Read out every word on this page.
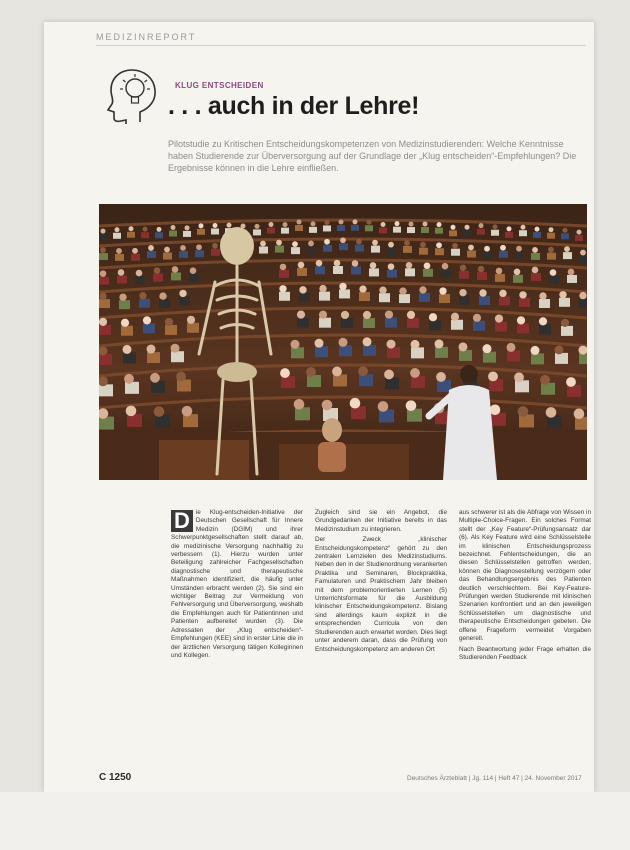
MEDIZINREPORT
KLUG ENTSCHEIDEN
. . . auch in der Lehre!
Pilotstudie zu Kritischen Entscheidungskompetenzen von Medizinstudierenden: Welche Kenntnisse haben Studierende zur Überversorgung auf der Grundlage der „Klug entscheiden“-Empfehlungen? Die Ergebnisse können in die Lehre einfließen.

D ie Klug-entscheiden-Initiative der Deutschen Gesellschaft für Innere Medizin (DGIM) und ihrer Schwerpunktgesellschaften stellt darauf ab, die medizinische Versorgung nachhaltig zu verbessern (1). Hierzu wurden unter Beteiligung zahlreicher Fachgesellschaften diagnostische und therapeutische Maßnahmen identifiziert, die häufig unter Umständen erbracht werden (2). Sie sind ein wichtiger Beitrag zur Vermeidung von Fehlversorgung und Überversorgung, weshalb die Empfehlungen auch für Patientinnen und Patienten aufbereitet wurden (3). Die Adressaten der „Klug entscheiden“-Empfehlungen (KEE) sind in erster Linie die in der ärztlichen Versorgung tätigen Kolleginnen und Kollegen.

Zugleich sind sie ein Angebot, die Grundgedanken der Initiative bereits in das Medizinstudium zu integrieren.

Der Zweck „klinischer Entscheidungskompetenz“ gehört zu den zentralen Lernzielen des Medizinstudiums. Neben den in der Studienordnung verankerten Praktika und Seminaren, Blockpraktika, Famulaturen und Praktischem Jahr bleiben mit dem problemorientierten Lernen (5) Unterrichtsformate für die Ausbildung klinischer Entscheidungskompetenz. Bislang sind allerdings kaum explizit in die entsprechenden Curricula von den Studierenden auch erwartet worden. Dies liegt unter anderem daran, dass die Prüfung von Entscheidungskompetenz am anderen Ort

aus schwerer ist als die Abfrage von Wissen in Multiple-Choice-Fragen. Ein solches Format stellt der „Key Feature“-Prüfungsansatz dar (6). Als Key Feature wird eine Schlüsselstelle im klinischen Entscheidungsprozess bezeichnet. Fehlentscheidungen, die an diesen Schlüsselstellen getroffen werden, können die Diagnosestellung verzögern oder das Behandlungsergebnis des Patienten deutlich verschlechtern. Bei Key-Feature-Prüfungen werden Studierende mit klinischen Szenarien konfrontiert und an den jeweiligen Schlüsselstellen um diagnostische und therapeutische Entscheidungen gebeten. Die offene Frageform vermeidet Vorgaben generell.

Nach Beantwortung jeder Frage erhalten die Studierenden Feedback

C 1250	Deutsches Ärzteblatt | Jg. 114 | Heft 47 | 24. November 2017
